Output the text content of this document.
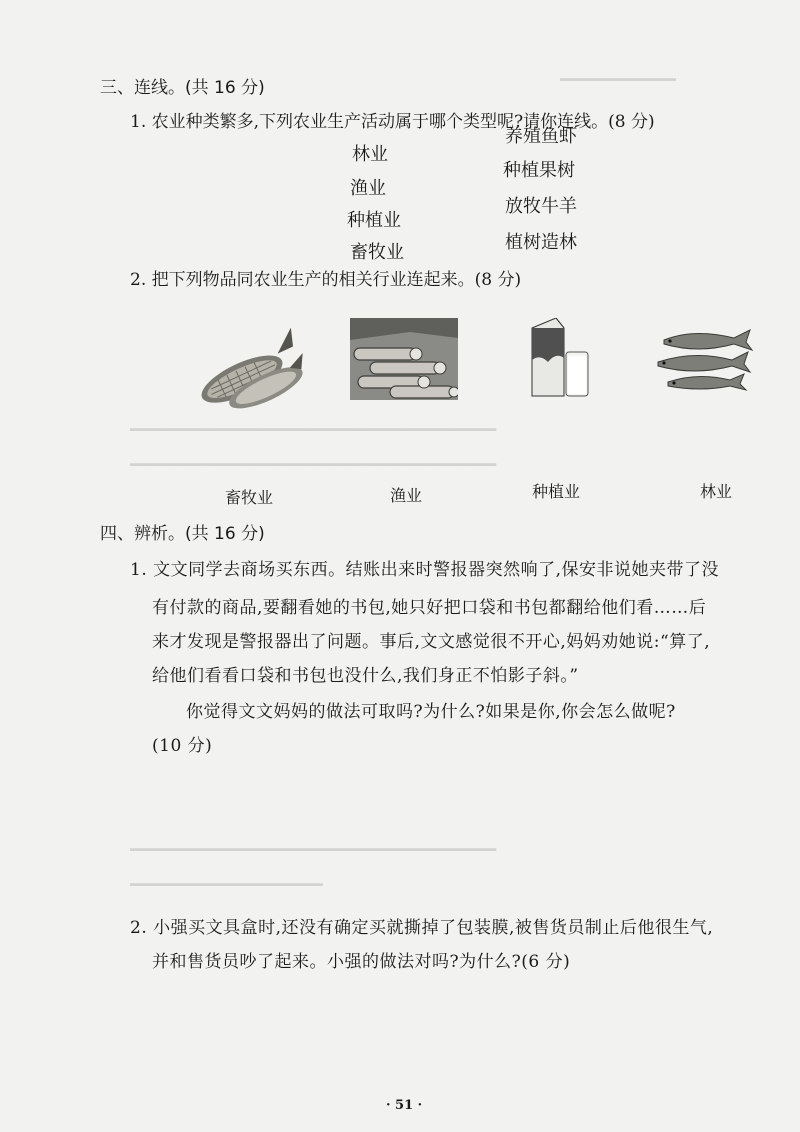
━━━━━━━━━━━━
━━━━━━━━━━━━━━━━━━━━━━━━━━━━━━━━━━━━━━
━━━━━━━━━━━━━━━━━━━━━━━━━━━━━━━━━━━━━━
━━━━━━━━━━━━━━━━━━━━━━━━━━━━━━━━━━━━━━
━━━━━━━━━━━━━━━━━━━━
三、连线。(共 16 分)
1. 农业种类繁多,下列农业生产活动属于哪个类型呢?请你连线。(8 分)
林业
渔业
种植业
畜牧业
养殖鱼虾
种植果树
放牧牛羊
植树造林
2. 把下列物品同农业生产的相关行业连起来。(8 分)
畜牧业	渔业	种植业	林业
四、辨析。(共 16 分)
1. 文文同学去商场买东西。结账出来时警报器突然响了,保安非说她夹带了没
有付款的商品,要翻看她的书包,她只好把口袋和书包都翻给他们看……后
来才发现是警报器出了问题。事后,文文感觉很不开心,妈妈劝她说:“算了,
给他们看看口袋和书包也没什么,我们身正不怕影子斜。”
你觉得文文妈妈的做法可取吗?为什么?如果是你,你会怎么做呢?
(10 分)
2. 小强买文具盒时,还没有确定买就撕掉了包装膜,被售货员制止后他很生气,
并和售货员吵了起来。小强的做法对吗?为什么?(6 分)
· 51 ·
